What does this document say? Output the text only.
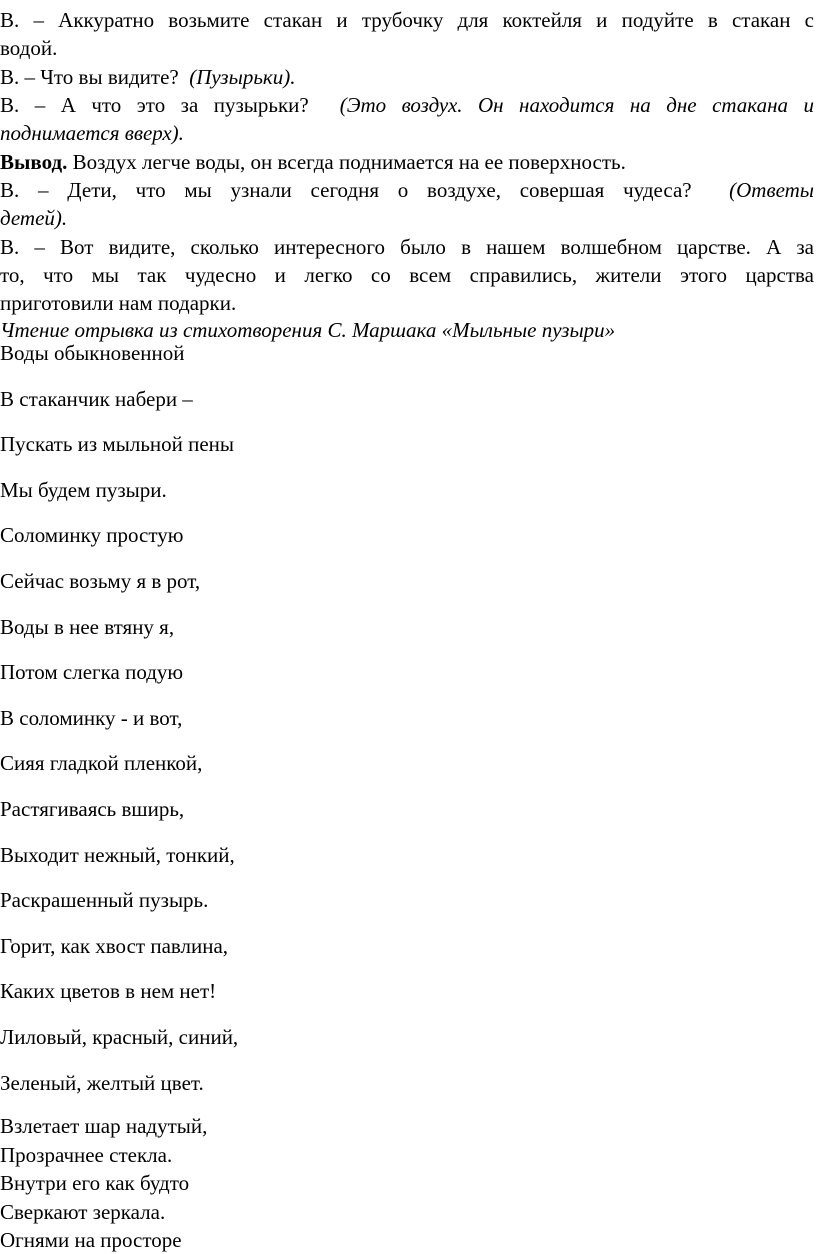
В. – Аккуратно возьмите стакан и трубочку для коктейля и подуйте в стакан с
водой.
В. – Что вы видите? (Пузырьки).
В. – А что это за пузырьки? (Это воздух. Он находится на дне стакана и
поднимается вверх).
Вывод. Воздух легче воды, он всегда поднимается на ее поверхность.
В. – Дети, что мы узнали сегодня о воздухе, совершая чудеса? (Ответы
детей).
В. – Вот видите, сколько интересного было в нашем волшебном царстве. А за
то, что мы так чудесно и легко со всем справились, жители этого царства
приготовили нам подарки.
Чтение отрывка из стихотворения С. Маршака «Мыльные пузыри»
Воды обыкновенной
В стаканчик набери –
Пускать из мыльной пены
Мы будем пузыри.
Соломинку простую
Сейчас возьму я в рот,
Воды в нее втяну я,
Потом слегка подую
В соломинку - и вот,
Сияя гладкой пленкой,
Растягиваясь вширь,
Выходит нежный, тонкий,
Раскрашенный пузырь.
Горит, как хвост павлина,
Каких цветов в нем нет!
Лиловый, красный, синий,
Зеленый, желтый цвет.
Взлетает шар надутый,
Прозрачнее стекла.
Внутри его как будто
Сверкают зеркала.
Огнями на просторе
